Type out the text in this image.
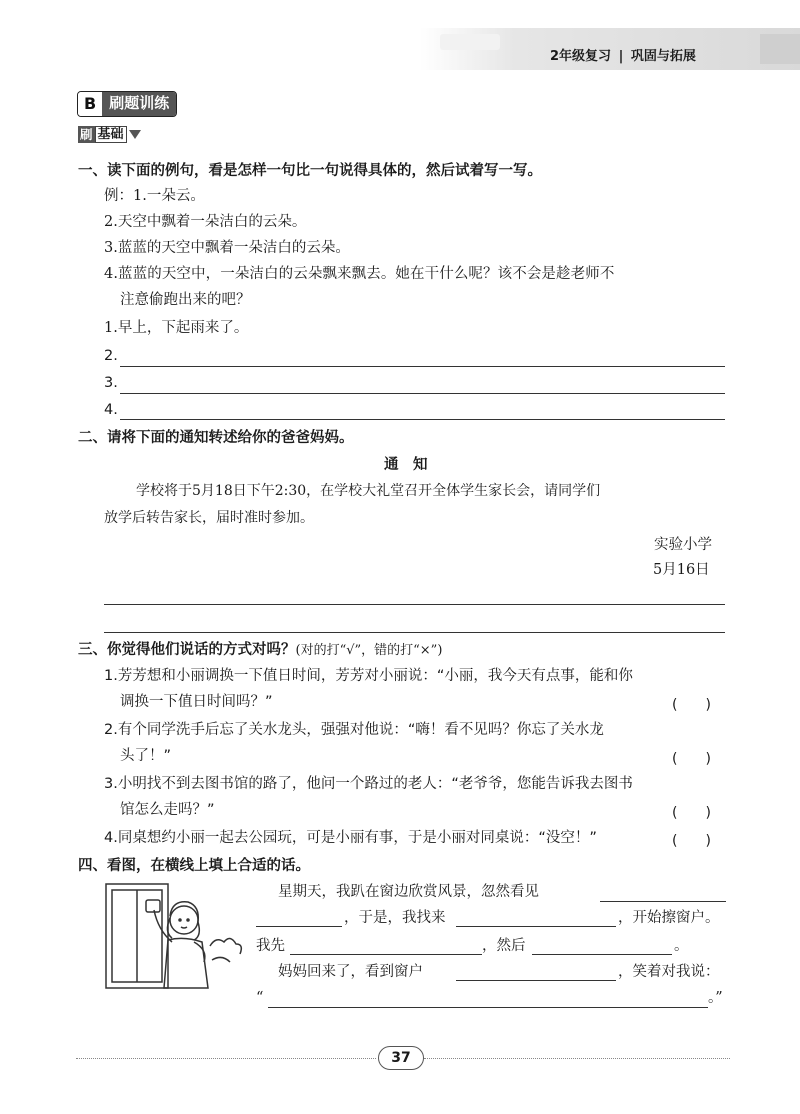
2年级复习 | 巩固与拓展
B 刷题训练
刷 基础
一、读下面的例句，看是怎样一句比一句说得具体的，然后试着写一写。
例：1.一朵云。
2.天空中飘着一朵洁白的云朵。
3.蓝蓝的天空中飘着一朵洁白的云朵。
4.蓝蓝的天空中，一朵洁白的云朵飘来飘去。她在干什么呢？该不会是趁老师不
注意偷跑出来的吧？
1.早上，下起雨来了。
2.
3.
4.
二、请将下面的通知转述给你的爸爸妈妈。
通　知
学校将于5月18日下午2:30，在学校大礼堂召开全体学生家长会，请同学们
放学后转告家长，届时准时参加。
实验小学
5月16日
三、你觉得他们说话的方式对吗？(对的打“√”，错的打“×”)
1.芳芳想和小丽调换一下值日时间，芳芳对小丽说：“小丽，我今天有点事，能和你
调换一下值日时间吗？”	(　　)
2.有个同学洗手后忘了关水龙头，强强对他说：“嗨！看不见吗？你忘了关水龙
头了！”	(　　)
3.小明找不到去图书馆的路了，他问一个路过的老人：“老爷爷，您能告诉我去图书
馆怎么走吗？”	(　　)
4.同桌想约小丽一起去公园玩，可是小丽有事，于是小丽对同桌说：“没空！”	(　　)
四、看图，在横线上填上合适的话。
星期天，我趴在窗边欣赏风景，忽然看见
，于是，我找来	，开始擦窗户。
我先	，然后	。
妈妈回来了，看到窗户	，笑着对我说：
“	。”
37
